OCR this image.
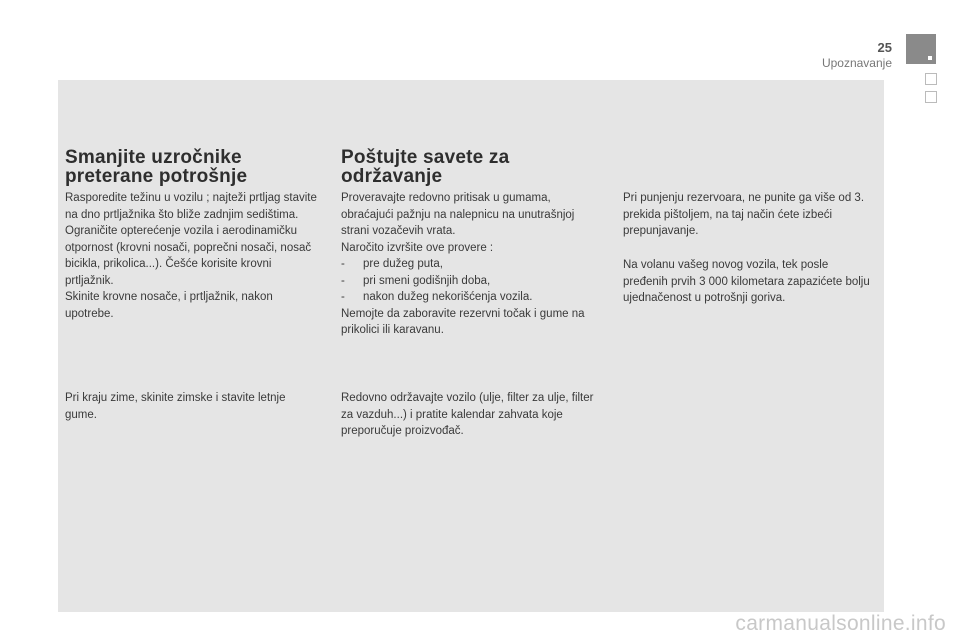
25
Upoznavanje
Smanjite uzročnike
preterane potrošnje

Rasporedite težinu u vozilu ; najteži prtljag stavite na dno prtljažnika što bliže zadnjim sedištima.

Ograničite opterećenje vozila i aerodinamičku otpornost (krovni nosači, poprečni nosači, nosač bicikla, prikolica...). Češće korisite krovni prtljažnik.

Skinite krovne nosače, i prtljažnik, nakon upotrebe.

Pri kraju zime, skinite zimske i stavite letnje gume.

Poštujte savete za
održavanje

Proveravajte redovno pritisak u gumama, obraćajući pažnju na nalepnicu na unutrašnjoj strani vozačevih vrata.

Naročito izvršite ove provere :

- pre dužeg puta,
- pri smeni godišnjih doba,
- nakon dužeg nekorišćenja vozila.

Nemojte da zaboravite rezervni točak i gume na prikolici ili karavanu.

Redovno održavajte vozilo (ulje, filter za ulje, filter za vazduh...) i pratite kalendar zahvata koje preporučuje proizvođač.

Pri punjenju rezervoara, ne punite ga više od 3. prekida pištoljem, na taj način ćete izbeći prepunjavanje.

Na volanu vašeg novog vozila, tek posle pređenih prvih 3 000 kilometara zapazićete bolju ujednačenost u potrošnji goriva.

carmanualsonline.info
